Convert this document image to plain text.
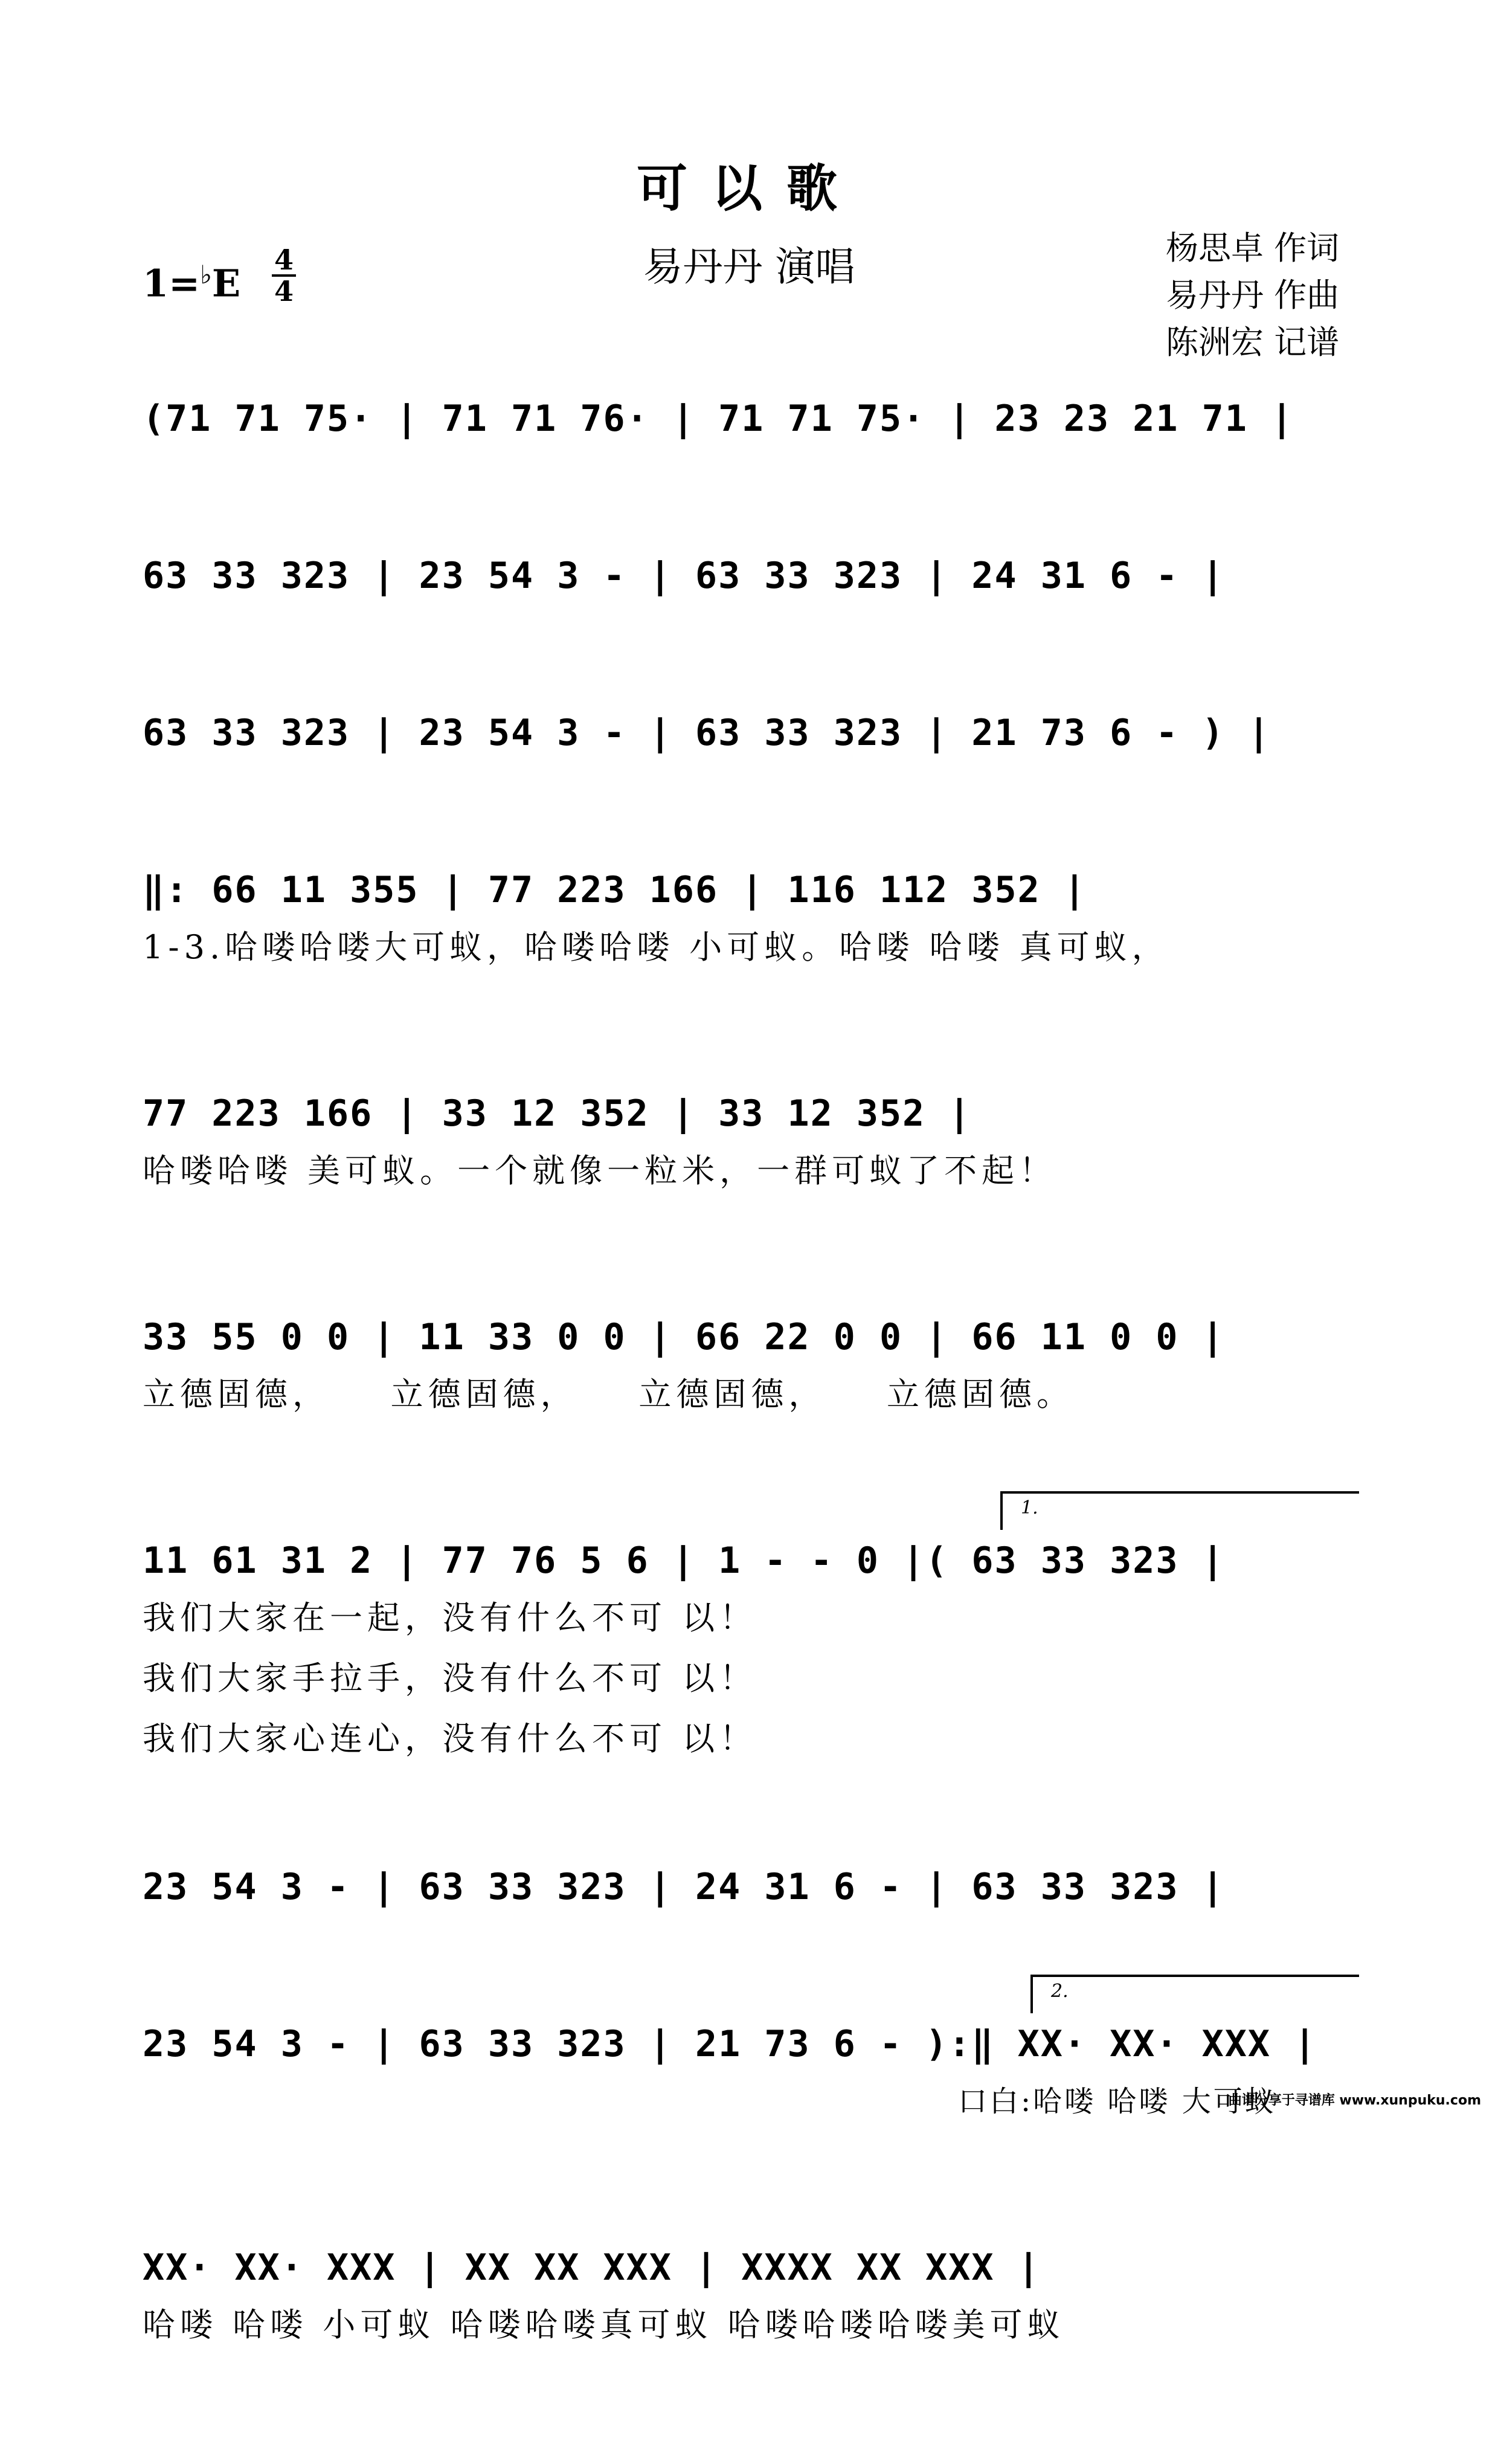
可以歌
易丹丹 演唱
1=♭E
4
4
杨思卓 作词
易丹丹 作曲
陈洲宏 记谱
(71 71 75· | 71 71 76· | 71 71 75· | 23 23 21 71 |
63 33 323 | 23 54 3 - | 63 33 323 | 24 31 6 - |
63 33 323 | 23 54 3 - | 63 33 323 | 21 73 6 - ) |
‖: 66 11 355 | 77 223 166 | 116 112 352 |
1-3.哈喽哈喽大可蚁，哈喽哈喽 小可蚁。哈喽 哈喽 真可蚁，
77 223 166 | 33 12 352 | 33 12 352 |
哈喽哈喽 美可蚁。一个就像一粒米，一群可蚁了不起！
33 55 0 0 | 11 33 0 0 | 66 22 0 0 | 66 11 0 0 |
立德固德，    立德固德，    立德固德，    立德固德。
1.
11 61 31 2 | 77 76 5 6 | 1 - - 0 |( 63 33 323 |
我们大家在一起，没有什么不可 以！
我们大家手拉手，没有什么不可 以！
我们大家心连心，没有什么不可 以！
23 54 3 - | 63 33 323 | 24 31 6 - | 63 33 323 |
2.
23 54 3 - | 63 33 323 | 21 73 6 - ):‖ XX· XX· XXX |
口白:哈喽 哈喽 大可蚁
XX· XX· XXX | XX XX XXX | XXXX XX XXX |
哈喽 哈喽 小可蚁 哈喽哈喽真可蚁 哈喽哈喽哈喽美可蚁
曲谱分享于寻谱库 www.xunpuku.com
